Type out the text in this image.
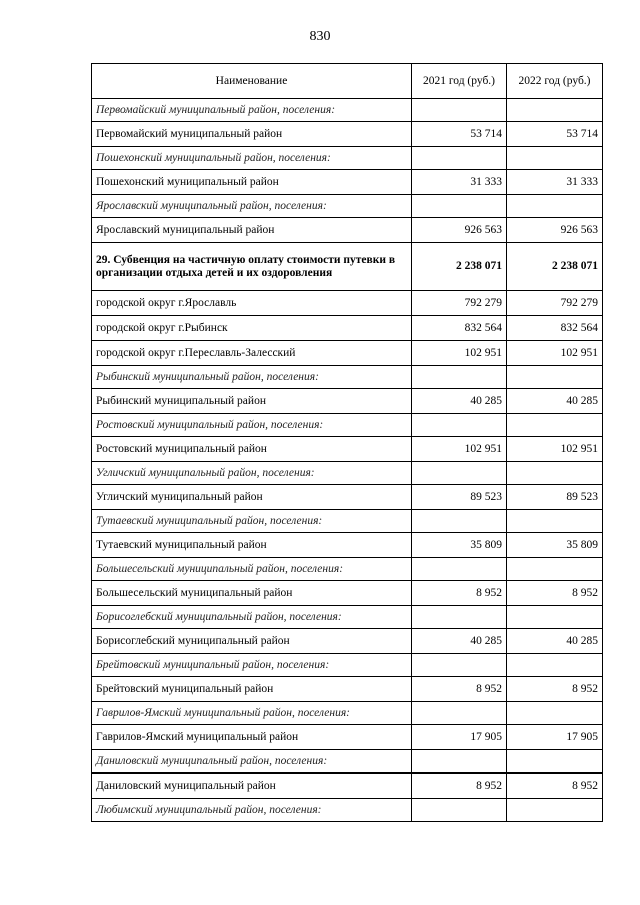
830
Наименование	2021 год (руб.)	2022 год (руб.)
Первомайский муниципальный район, поселения:		
Первомайский муниципальный район	53 714	53 714
Пошехонский муниципальный район, поселения:		
Пошехонский муниципальный район	31 333	31 333
Ярославский муниципальный район, поселения:		
Ярославский муниципальный район	926 563	926 563
29. Субвенция на частичную оплату стоимости путевки в организации отдыха детей и их оздоровления	2 238 071	2 238 071
городской округ г.Ярославль	792 279	792 279
городской округ г.Рыбинск	832 564	832 564
городской округ г.Переславль-Залесский	102 951	102 951
Рыбинский муниципальный район, поселения:		
Рыбинский муниципальный район	40 285	40 285
Ростовский муниципальный район, поселения:		
Ростовский муниципальный район	102 951	102 951
Угличский муниципальный район, поселения:		
Угличский муниципальный район	89 523	89 523
Тутаевский муниципальный район, поселения:		
Тутаевский муниципальный район	35 809	35 809
Большесельский муниципальный район, поселения:		
Большесельский муниципальный район	8 952	8 952
Борисоглебский муниципальный район, поселения:		
Борисоглебский муниципальный район	40 285	40 285
Брейтовский муниципальный район, поселения:		
Брейтовский муниципальный район	8 952	8 952
Гаврилов-Ямский муниципальный район, поселения:		
Гаврилов-Ямский муниципальный район	17 905	17 905
Даниловский муниципальный район, поселения:		
Даниловский муниципальный район	8 952	8 952
Любимский муниципальный район, поселения:		
